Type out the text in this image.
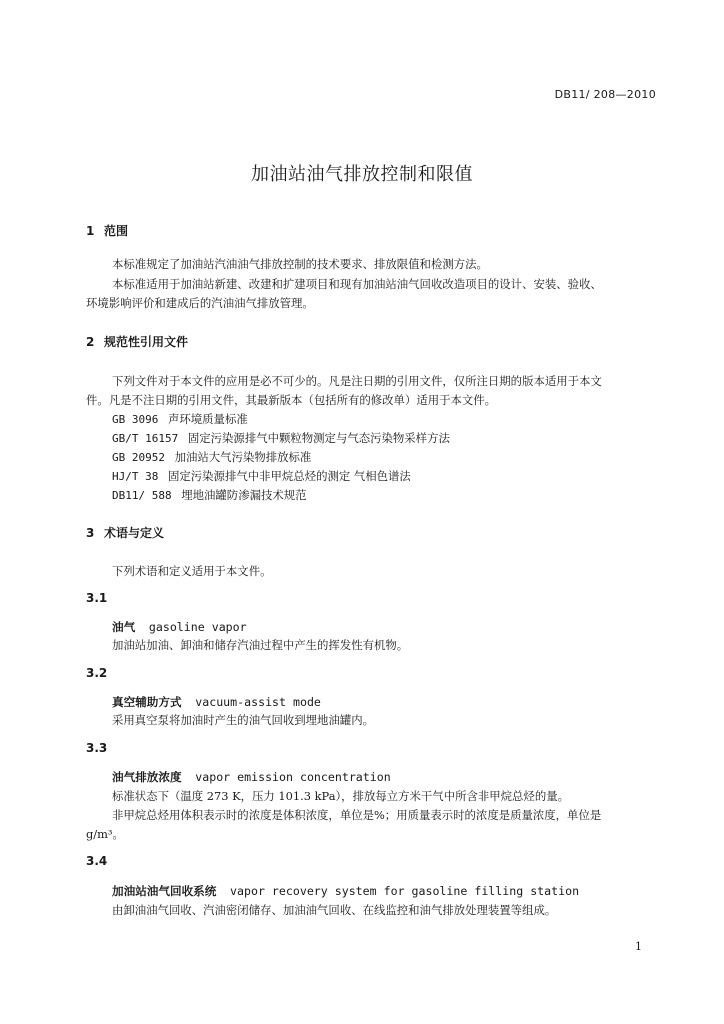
DB11/ 208—2010
加油站油气排放控制和限值
1 范围
本标准规定了加油站汽油油气排放控制的技术要求、排放限值和检测方法。
本标准适用于加油站新建、改建和扩建项目和现有加油站油气回收改造项目的设计、安装、验收、
环境影响评价和建成后的汽油油气排放管理。
2 规范性引用文件
下列文件对于本文件的应用是必不可少的。凡是注日期的引用文件，仅所注日期的版本适用于本文
件。凡是不注日期的引用文件，其最新版本（包括所有的修改单）适用于本文件。
GB 3096 声环境质量标准
GB/T 16157 固定污染源排气中颗粒物测定与气态污染物采样方法
GB 20952 加油站大气污染物排放标准
HJ/T 38 固定污染源排气中非甲烷总烃的测定 气相色谱法
DB11/ 588 埋地油罐防渗漏技术规范
3 术语与定义
下列术语和定义适用于本文件。
3.1
油气 gasoline vapor
加油站加油、卸油和储存汽油过程中产生的挥发性有机物。
3.2
真空辅助方式 vacuum-assist mode
采用真空泵将加油时产生的油气回收到埋地油罐内。
3.3
油气排放浓度 vapor emission concentration
标准状态下（温度 273 K，压力 101.3 kPa），排放每立方米干气中所含非甲烷总烃的量。
非甲烷总烃用体积表示时的浓度是体积浓度，单位是%；用质量表示时的浓度是质量浓度，单位是
g/m³。
3.4
加油站油气回收系统 vapor recovery system for gasoline filling station
由卸油油气回收、汽油密闭储存、加油油气回收、在线监控和油气排放处理装置等组成。
1
